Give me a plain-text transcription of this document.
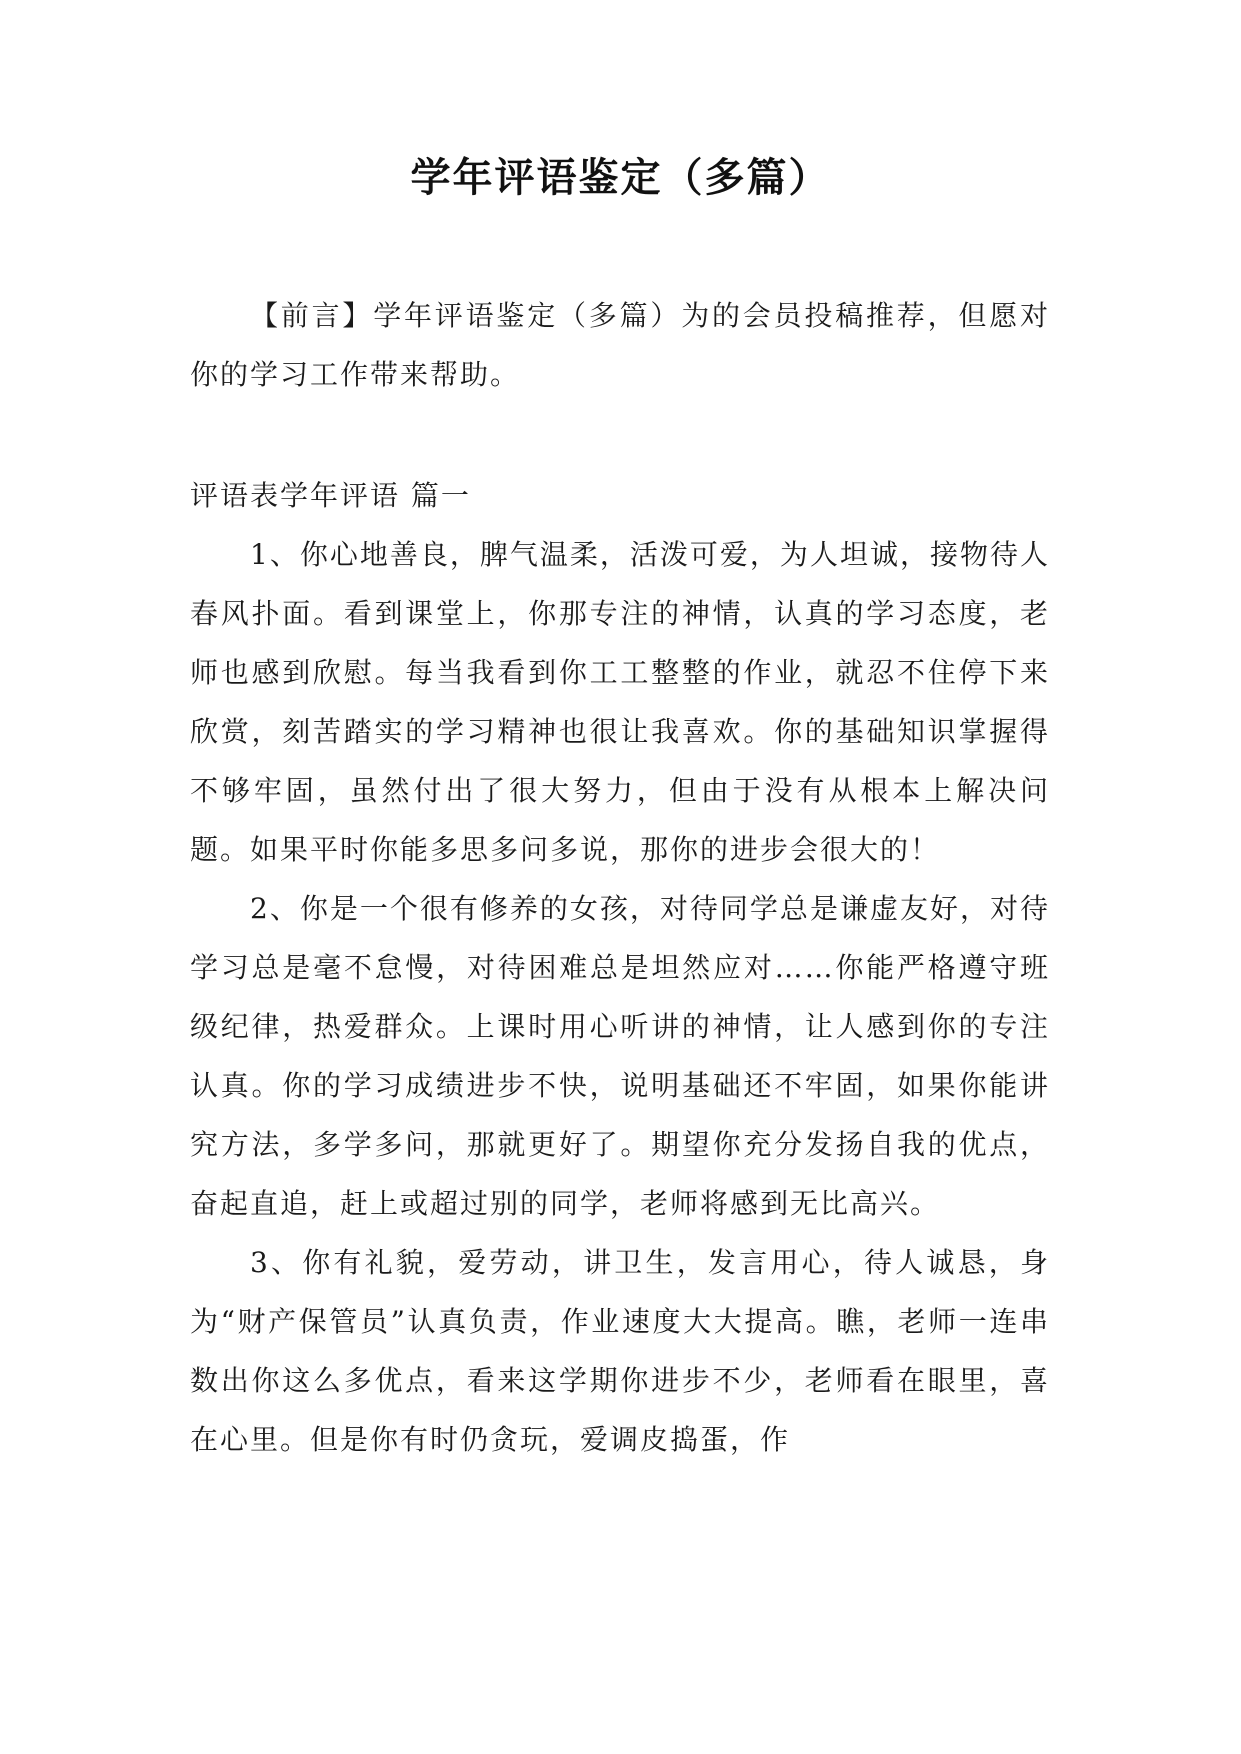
学年评语鉴定（多篇）

【前言】学年评语鉴定（多篇）为的会员投稿推荐，但愿对你的学习工作带来帮助。

评语表学年评语 篇一

1、你心地善良，脾气温柔，活泼可爱，为人坦诚，接物待人春风扑面。看到课堂上，你那专注的神情，认真的学习态度，老师也感到欣慰。每当我看到你工工整整的作业，就忍不住停下来欣赏，刻苦踏实的学习精神也很让我喜欢。你的基础知识掌握得不够牢固，虽然付出了很大努力，但由于没有从根本上解决问题。如果平时你能多思多问多说，那你的进步会很大的！

2、你是一个很有修养的女孩，对待同学总是谦虚友好，对待学习总是毫不怠慢，对待困难总是坦然应对……你能严格遵守班级纪律，热爱群众。上课时用心听讲的神情，让人感到你的专注认真。你的学习成绩进步不快，说明基础还不牢固，如果你能讲究方法，多学多问，那就更好了。期望你充分发扬自我的优点，奋起直追，赶上或超过别的同学，老师将感到无比高兴。

3、你有礼貌，爱劳动，讲卫生，发言用心，待人诚恳，身为“财产保管员”认真负责，作业速度大大提高。瞧，老师一连串数出你这么多优点，看来这学期你进步不少，老师看在眼里，喜在心里。但是你有时仍贪玩，爱调皮捣蛋，作
